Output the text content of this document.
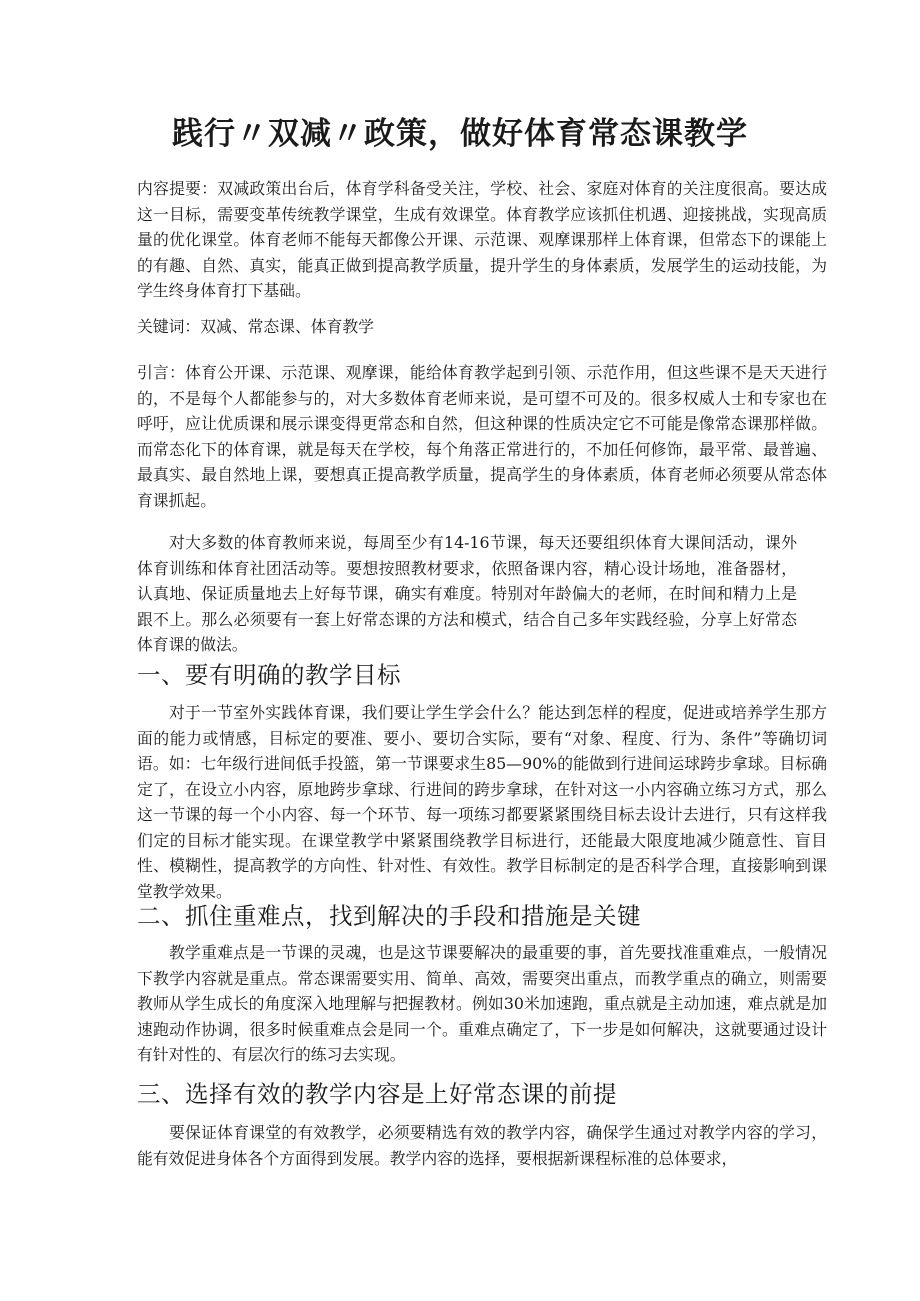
践行〃双减〃政策，做好体育常态课教学

内容提要：双减政策出台后，体育学科备受关注，学校、社会、家庭对体育的关注度很高。要达成这一目标，需要变革传统教学课堂，生成有效课堂。体育教学应该抓住机遇、迎接挑战，实现高质量的优化课堂。体育老师不能每天都像公开课、示范课、观摩课那样上体育课，但常态下的课能上的有趣、自然、真实，能真正做到提高教学质量，提升学生的身体素质，发展学生的运动技能，为学生终身体育打下基础。

关键词：双减、常态课、体育教学

引言：体育公开课、示范课、观摩课，能给体育教学起到引领、示范作用，但这些课不是天天进行的，不是每个人都能参与的，对大多数体育老师来说，是可望不可及的。很多权威人士和专家也在呼吁，应让优质课和展示课变得更常态和自然，但这种课的性质决定它不可能是像常态课那样做。而常态化下的体育课，就是每天在学校，每个角落正常进行的，不加任何修饰，最平常、最普遍、最真实、最自然地上课，要想真正提高教学质量，提高学生的身体素质，体育老师必须要从常态体育课抓起。

对大多数的体育教师来说，每周至少有14-16节课，每天还要组织体育大课间活动，课外体育训练和体育社团活动等。要想按照教材要求，依照备课内容，精心设计场地，准备器材，认真地、保证质量地去上好每节课，确实有难度。特别对年龄偏大的老师，在时间和精力上是跟不上。那么必须要有一套上好常态课的方法和模式，结合自己多年实践经验，分享上好常态体育课的做法。

一、要有明确的教学目标

对于一节室外实践体育课，我们要让学生学会什么？能达到怎样的程度，促进或培养学生那方面的能力或情感，目标定的要准、要小、要切合实际，要有“对象、程度、行为、条件”等确切词语。如：七年级行进间低手投篮，第一节课要求生85—90%的能做到行进间运球跨步拿球。目标确定了，在设立小内容，原地跨步拿球、行进间的跨步拿球，在针对这一小内容确立练习方式，那么这一节课的每一个小内容、每一个环节、每一项练习都要紧紧围绕目标去设计去进行，只有这样我们定的目标才能实现。在课堂教学中紧紧围绕教学目标进行，还能最大限度地减少随意性、盲目性、模糊性，提高教学的方向性、针对性、有效性。教学目标制定的是否科学合理，直接影响到课堂教学效果。

二、抓住重难点，找到解决的手段和措施是关键

教学重难点是一节课的灵魂，也是这节课要解决的最重要的事，首先要找准重难点，一般情况下教学内容就是重点。常态课需要实用、简单、高效，需要突出重点，而教学重点的确立，则需要教师从学生成长的角度深入地理解与把握教材。例如30米加速跑，重点就是主动加速，难点就是加速跑动作协调，很多时候重难点会是同一个。重难点确定了，下一步是如何解决，这就要通过设计有针对性的、有层次行的练习去实现。

三、选择有效的教学内容是上好常态课的前提

要保证体育课堂的有效教学，必须要精选有效的教学内容，确保学生通过对教学内容的学习，能有效促进身体各个方面得到发展。教学内容的选择，要根据新课程标准的总体要求，
